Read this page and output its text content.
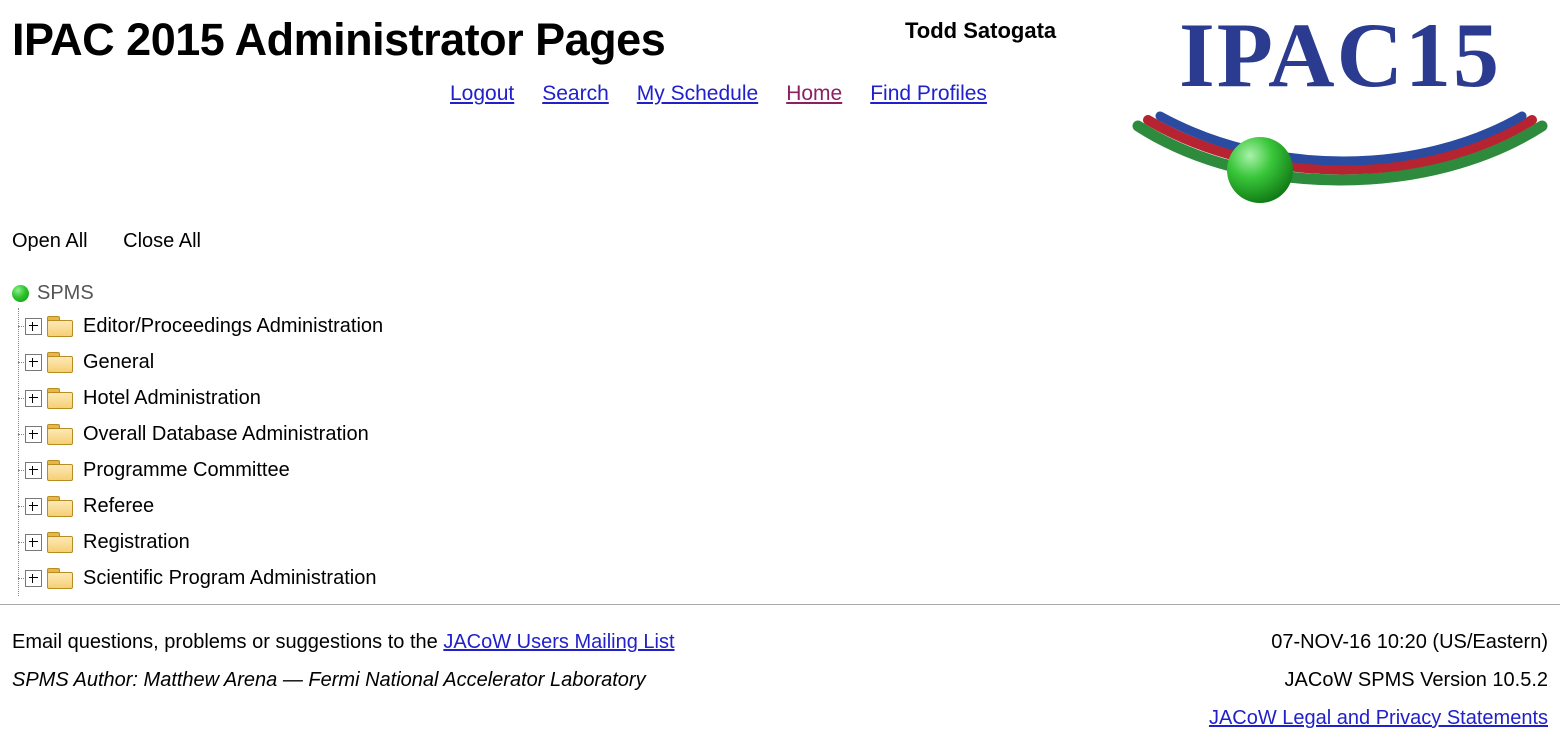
IPAC 2015 Administrator Pages	Todd Satogata
Logout Search My Schedule Home Find Profiles IPAC15
Open All Close All
SPMS
Editor/Proceedings Administration
General
Hotel Administration
Overall Database Administration
Programme Committee
Referee
Registration
Scientific Program Administration
Email questions, problems or suggestions to the JACoW Users Mailing List
SPMS Author: Matthew Arena — Fermi National Accelerator Laboratory
07-NOV-16 10:20 (US/Eastern)
JACoW SPMS Version 10.5.2
JACoW Legal and Privacy Statements
